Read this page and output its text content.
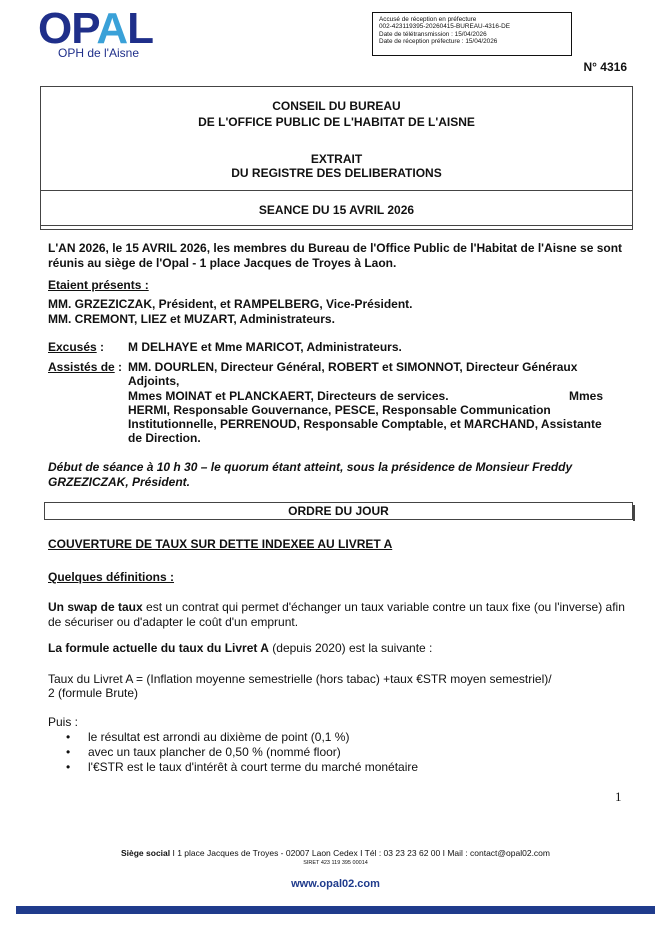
OPAL
OPH de l'Aisne
Accusé de réception en préfecture
002-423119395-20260415-BUREAU-4316-DE
Date de télétransmission : 15/04/2026
Date de réception préfecture : 15/04/2026
N° 4316
CONSEIL DU BUREAU
DE L'OFFICE PUBLIC DE L'HABITAT DE L'AISNE
EXTRAIT
DU REGISTRE DES DELIBERATIONS
SEANCE DU 15 AVRIL 2026
L'AN 2026, le 15 AVRIL 2026, les membres du Bureau de l'Office Public de l'Habitat de l'Aisne se sont réunis au siège de l'Opal - 1 place Jacques de Troyes à Laon.
Etaient présents :
MM. GRZEZICZAK, Président, et RAMPELBERG, Vice-Président.
MM. CREMONT, LIEZ et MUZART, Administrateurs.
Excusés : M DELHAYE et Mme MARICOT, Administrateurs.
Assistés de : MM. DOURLEN, Directeur Général, ROBERT et SIMONNOT, Directeur Généraux
Adjoints,
Mmes MOINAT et PLANCKAERT, Directeurs de services.	Mmes
HERMI, Responsable Gouvernance, PESCE, Responsable Communication
Institutionnelle, PERRENOUD, Responsable Comptable, et MARCHAND, Assistante
de Direction.
Début de séance à 10 h 30 – le quorum étant atteint, sous la présidence de Monsieur Freddy GRZEZICZAK, Président.
ORDRE DU JOUR
COUVERTURE DE TAUX SUR DETTE INDEXEE AU LIVRET A
Quelques définitions :
Un swap de taux est un contrat qui permet d'échanger un taux variable contre un taux fixe (ou l'inverse) afin de sécuriser ou d'adapter le coût d'un emprunt.
La formule actuelle du taux du Livret A (depuis 2020) est la suivante :
Taux du Livret A = (Inflation moyenne semestrielle (hors tabac) +taux €STR moyen semestriel)/
2 (formule Brute)
Puis :
• le résultat est arrondi au dixième de point (0,1 %)
• avec un taux plancher de 0,50 % (nommé floor)
• l'€STR est le taux d'intérêt à court terme du marché monétaire
1
Siège social I 1 place Jacques de Troyes - 02007 Laon Cedex I Tél : 03 23 23 62 00 I Mail : contact@opal02.com
SIRET 423 119 395 00014
www.opal02.com
